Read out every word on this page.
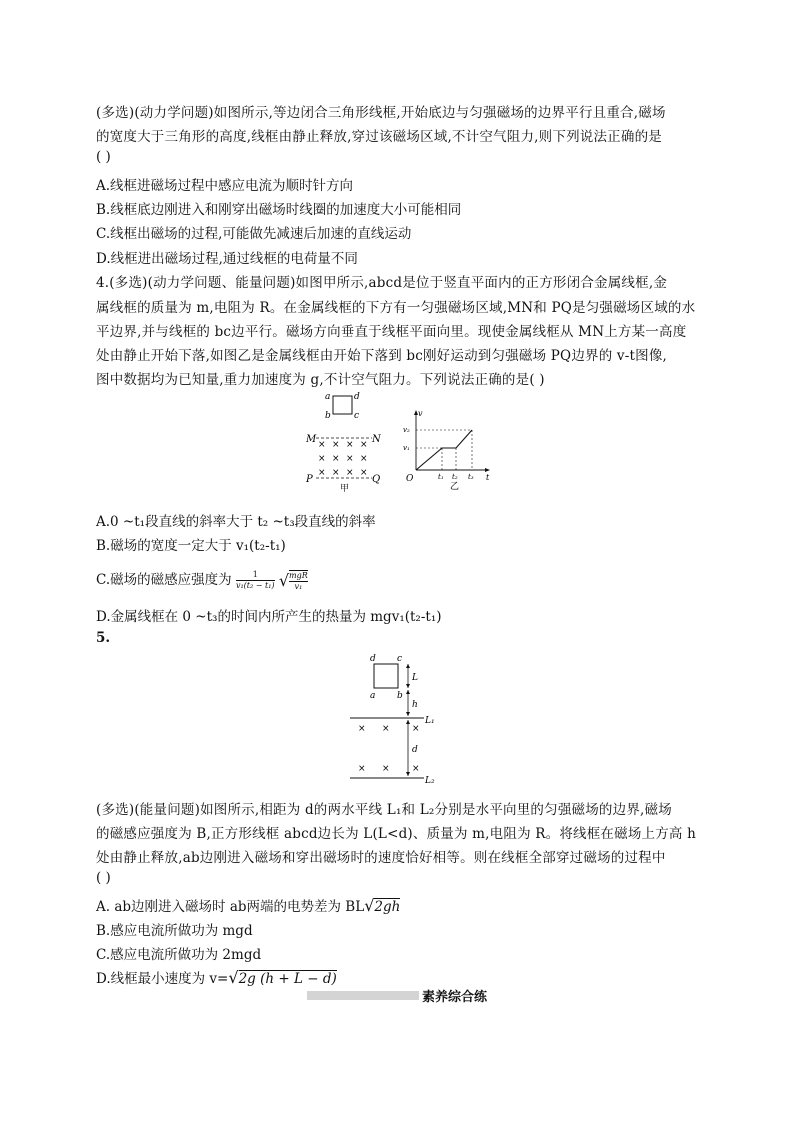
(多选)(动力学问题)如图所示,等边闭合三角形线框,开始底边与匀强磁场的边界平行且重合,磁场
的宽度大于三角形的高度,线框由静止释放,穿过该磁场区域,不计空气阻力,则下列说法正确的是
( )
A.线框进磁场过程中感应电流为顺时针方向
B.线框底边刚进入和刚穿出磁场时线圈的加速度大小可能相同
C.线框出磁场的过程,可能做先减速后加速的直线运动
D.线框进出磁场过程,通过线框的电荷量不同
4.(多选)(动力学问题、能量问题)如图甲所示,abcd是位于竖直平面内的正方形闭合金属线框,金
属线框的质量为 m,电阻为 R。在金属线框的下方有一匀强磁场区域,MN和 PQ是匀强磁场区域的水
平边界,并与线框的 bc边平行。磁场方向垂直于线框平面向里。现使金属线框从 MN上方某一高度
处由静止开始下落,如图乙是金属线框由开始下落到 bc刚好运动到匀强磁场 PQ边界的 v-t图像,
图中数据均为已知量,重力加速度为 g,不计空气阻力。下列说法正确的是( )
a	d
b	c
M	N
× × × ×
× × × ×
× × × ×
P	Q
甲
v
t
O
v₂
v₁
t₁ t₂ t₃
乙
A.0 ~t₁段直线的斜率大于 t₂ ~t₃段直线的斜率
B.磁场的宽度一定大于 v₁(t₂-t₁)
C.磁场的磁感应强度为 $\frac{1}{\text{v₁(t₂ − t₁)}}$ √ mgR
v₁
D.金属线框在 0 ~t₃的时间内所产生的热量为 mgv₁(t₂-t₁)
5.
d c
a b
L
h
L₁
× × ×
× × ×
d
L₂
(多选)(能量问题)如图所示,相距为 d的两水平线 L₁和 L₂分别是水平向里的匀强磁场的边界,磁场
的磁感应强度为 B,正方形线框 abcd边长为 L(L<d)、质量为 m,电阻为 R。将线框在磁场上方高 h
处由静止释放,ab边刚进入磁场和穿出磁场时的速度恰好相等。则在线框全部穿过磁场的过程中
( )
A. ab边刚进入磁场时 ab两端的电势差为 BL√2gh
B.感应电流所做功为 mgd
C.感应电流所做功为 2mgd
D.线框最小速度为 v=√2g (h + L − d)
素养综合练
